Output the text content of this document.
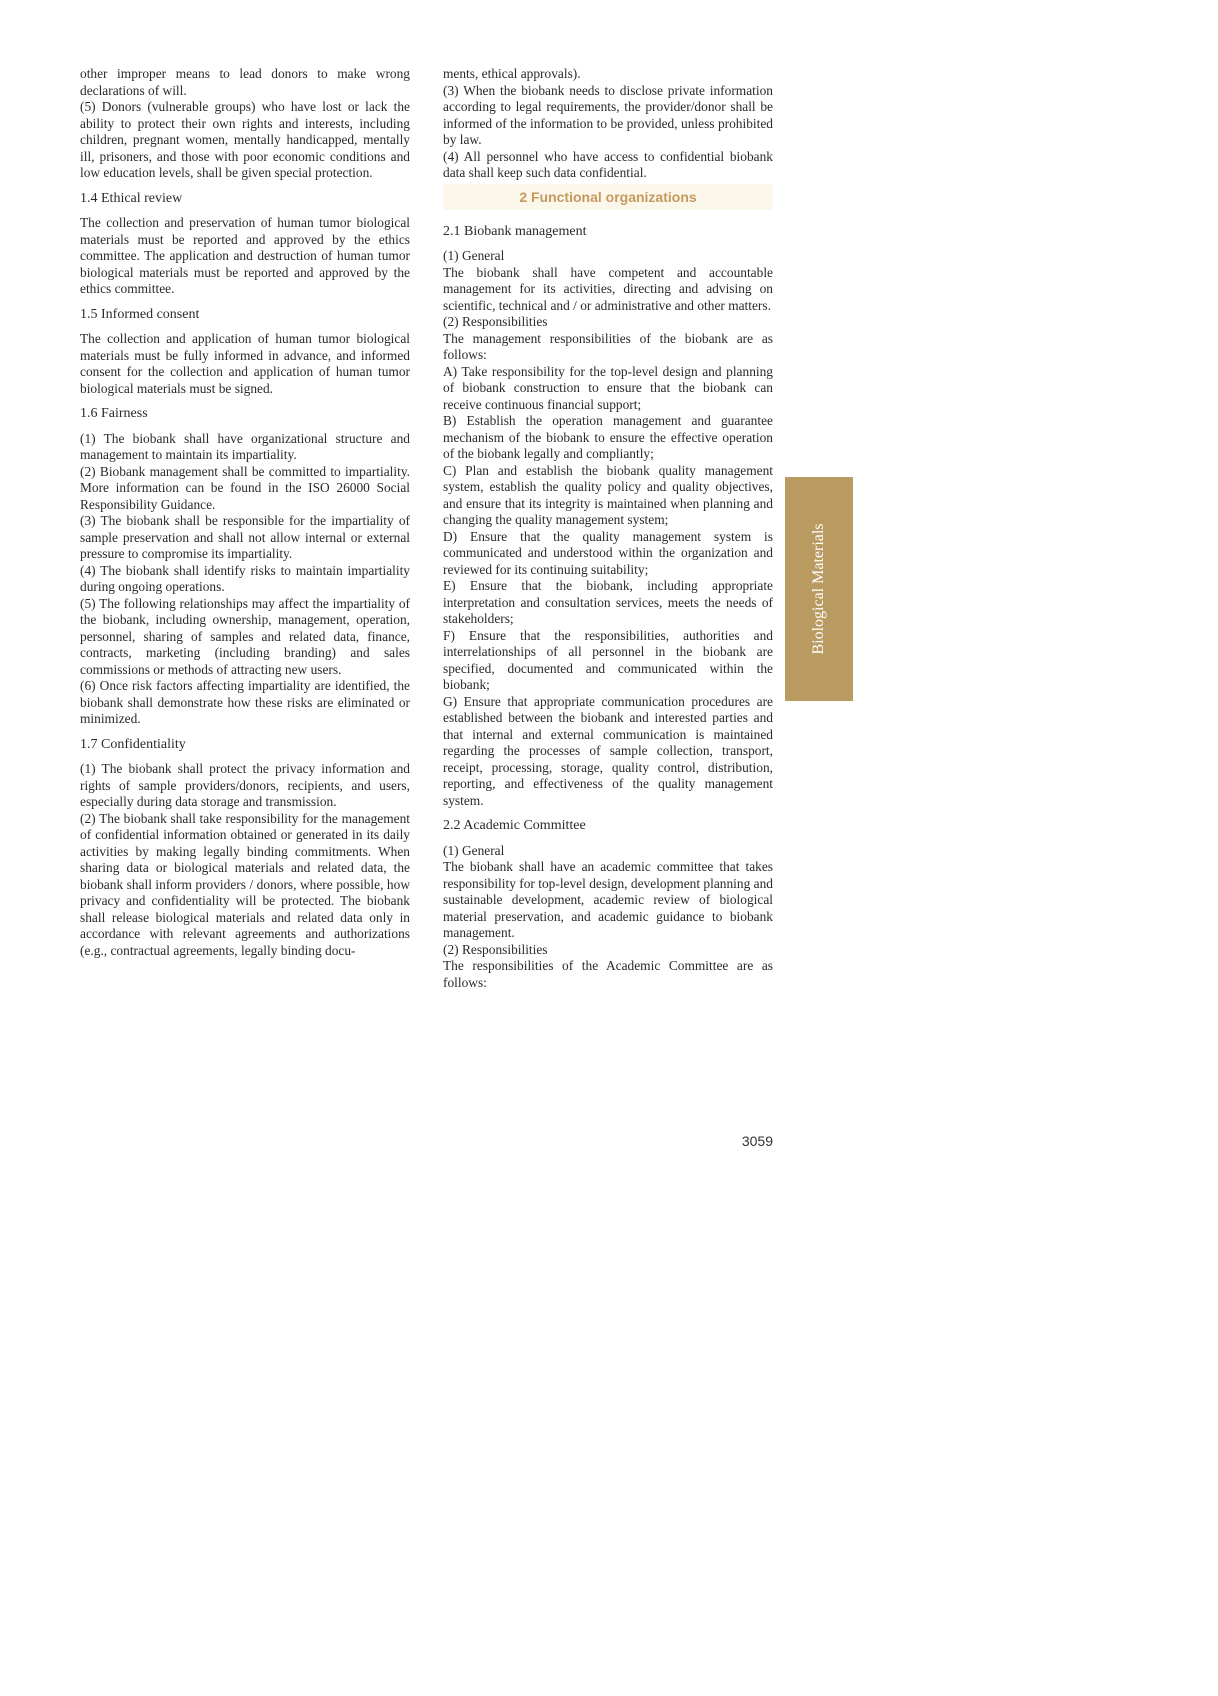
other improper means to lead donors to make wrong declarations of will.

(5) Donors (vulnerable groups) who have lost or lack the ability to protect their own rights and interests, including children, pregnant women, mentally handicapped, mentally ill, prisoners, and those with poor economic conditions and low education levels, shall be given special protection.

1.4 Ethical review

The collection and preservation of human tumor biological materials must be reported and approved by the ethics committee. The application and destruction of human tumor biological materials must be reported and approved by the ethics committee.

1.5 Informed consent

The collection and application of human tumor biological materials must be fully informed in advance, and informed consent for the collection and application of human tumor biological materials must be signed.

1.6 Fairness

(1) The biobank shall have organizational structure and management to maintain its impartiality.

(2) Biobank management shall be committed to impartiality. More information can be found in the ISO 26000 Social Responsibility Guidance.

(3) The biobank shall be responsible for the impartiality of sample preservation and shall not allow internal or external pressure to compromise its impartiality.

(4) The biobank shall identify risks to maintain impartiality during ongoing operations.

(5) The following relationships may affect the impartiality of the biobank, including ownership, management, operation, personnel, sharing of samples and related data, finance, contracts, marketing (including branding) and sales commissions or methods of attracting new users.

(6) Once risk factors affecting impartiality are identified, the biobank shall demonstrate how these risks are eliminated or minimized.

1.7 Confidentiality

(1) The biobank shall protect the privacy information and rights of sample providers/donors, recipients, and users, especially during data storage and transmission.

(2) The biobank shall take responsibility for the management of confidential information obtained or generated in its daily activities by making legally binding commitments. When sharing data or biological materials and related data, the biobank shall inform providers / donors, where possible, how privacy and confidentiality will be protected. The biobank shall release biological materials and related data only in accordance with relevant agreements and authorizations (e.g., contractual agreements, legally binding docu-

ments, ethical approvals).

(3) When the biobank needs to disclose private information according to legal requirements, the provider/donor shall be informed of the information to be provided, unless prohibited by law.

(4) All personnel who have access to confidential biobank data shall keep such data confidential.

2 Functional organizations

2.1 Biobank management

(1) General

The biobank shall have competent and accountable management for its activities, directing and advising on scientific, technical and / or administrative and other matters.

(2) Responsibilities

The management responsibilities of the biobank are as follows:

A) Take responsibility for the top-level design and planning of biobank construction to ensure that the biobank can receive continuous financial support;

B) Establish the operation management and guarantee mechanism of the biobank to ensure the effective operation of the biobank legally and compliantly;

C) Plan and establish the biobank quality management system, establish the quality policy and quality objectives, and ensure that its integrity is maintained when planning and changing the quality management system;

D) Ensure that the quality management system is communicated and understood within the organization and reviewed for its continuing suitability;

E) Ensure that the biobank, including appropriate interpretation and consultation services, meets the needs of stakeholders;

F) Ensure that the responsibilities, authorities and interrelationships of all personnel in the biobank are specified, documented and communicated within the biobank;

G) Ensure that appropriate communication procedures are established between the biobank and interested parties and that internal and external communication is maintained regarding the processes of sample collection, transport, receipt, processing, storage, quality control, distribution, reporting, and effectiveness of the quality management system.

2.2 Academic Committee

(1) General

The biobank shall have an academic committee that takes responsibility for top-level design, development planning and sustainable development, academic review of biological material preservation, and academic guidance to biobank management.

(2) Responsibilities

The responsibilities of the Academic Committee are as follows:

Biological Materials
3059
